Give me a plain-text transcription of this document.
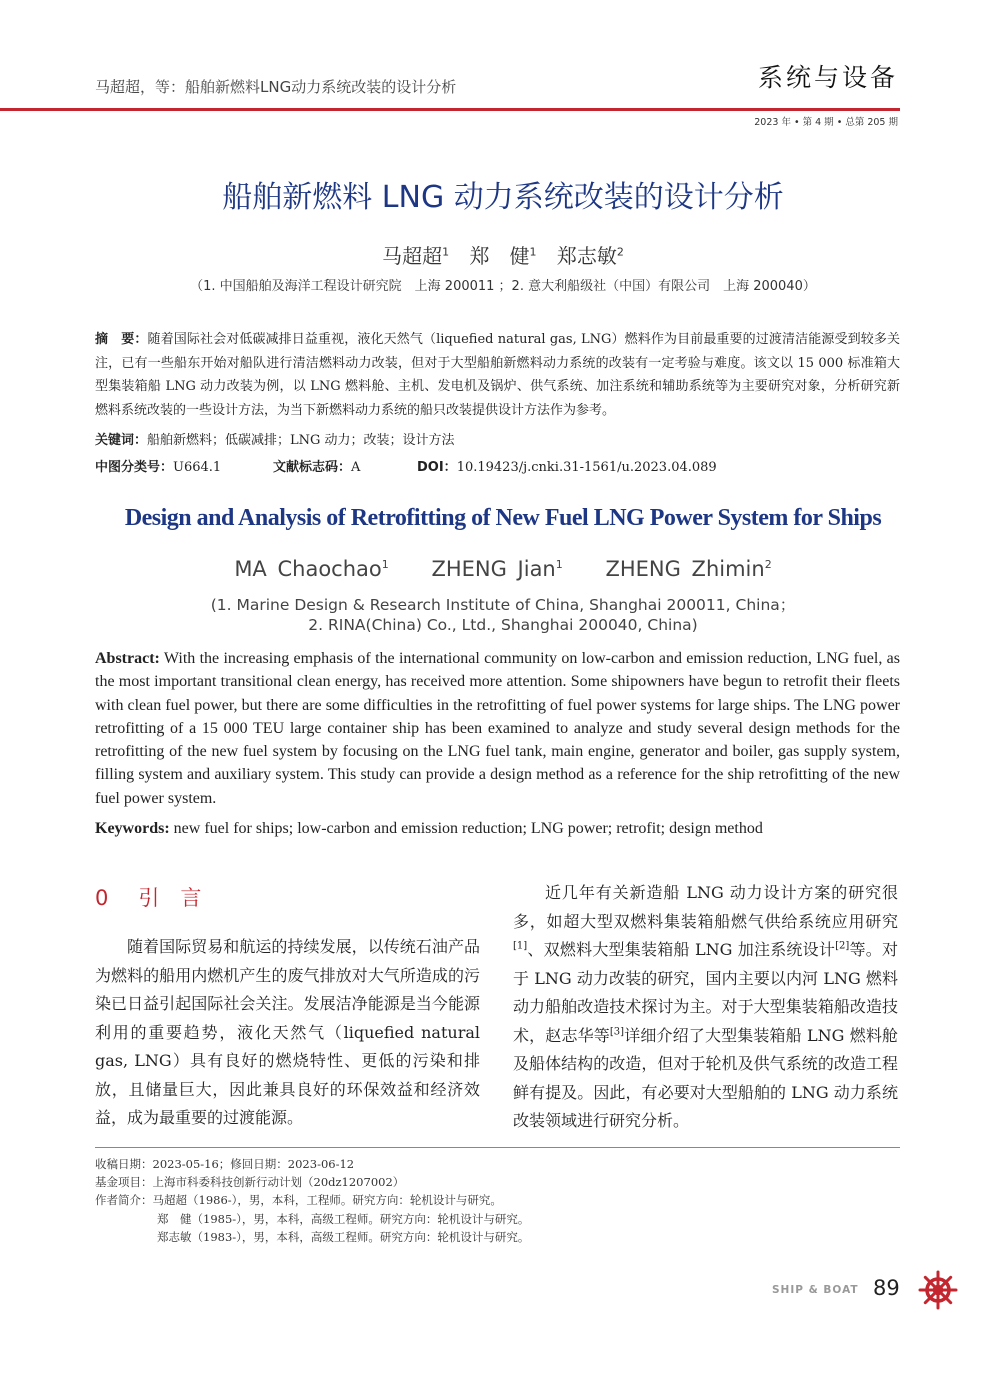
马超超，等：船舶新燃料LNG动力系统改装的设计分析	系统与设备
2023 年 • 第 4 期 • 总第 205 期
船舶新燃料 LNG 动力系统改装的设计分析
马超超$^1$ 郑　健$^1$ 郑志敏$^2$
（1. 中国船舶及海洋工程设计研究院　上海 200011 ；2. 意大利船级社（中国）有限公司　上海 200040）
摘　要：随着国际社会对低碳减排日益重视，液化天然气（liquefied natural gas, LNG）燃料作为目前最重要的过渡清洁能源受到较多关注，已有一些船东开始对船队进行清洁燃料动力改装，但对于大型船舶新燃料动力系统的改装有一定考验与难度。该文以 15 000 标准箱大型集装箱船 LNG 动力改装为例，以 LNG 燃料舱、主机、发电机及锅炉、供气系统、加注系统和辅助系统等为主要研究对象，分析研究新燃料系统改装的一些设计方法，为当下新燃料动力系统的船只改装提供设计方法作为参考。
关键词：船舶新燃料；低碳减排；LNG 动力；改装；设计方法
中图分类号：U664.1	文献标志码：A	DOI：10.19423/j.cnki.31-1561/u.2023.04.089
Design and Analysis of Retrofitting of New Fuel LNG Power System for Ships
MA Chaochao$^1$ ZHENG Jian$^1$ ZHENG Zhimin$^2$
(1. Marine Design & Research Institute of China, Shanghai 200011, China；
2. RINA(China) Co., Ltd., Shanghai 200040, China)
Abstract: With the increasing emphasis of the international community on low-carbon and emission reduction, LNG fuel, as the most important transitional clean energy, has received more attention. Some shipowners have begun to retrofit their fleets with clean fuel power, but there are some difficulties in the retrofitting of fuel power systems for large ships. The LNG power retrofitting of a 15 000 TEU large container ship has been examined to analyze and study several design methods for the retrofitting of the new fuel system by focusing on the LNG fuel tank, main engine, generator and boiler, gas supply system, filling system and auxiliary system. This study can provide a design method as a reference for the ship retrofitting of the new fuel power system.
Keywords: new fuel for ships; low-carbon and emission reduction; LNG power; retrofit; design method
0 引　言
随着国际贸易和航运的持续发展，以传统石油产品为燃料的船用内燃机产生的废气排放对大气所造成的污染已日益引起国际社会关注。发展洁净能源是当今能源利用的重要趋势，液化天然气（liquefied natural gas, LNG）具有良好的燃烧特性、更低的污染和排放，且储量巨大，因此兼具良好的环保效益和经济效益，成为最重要的过渡能源。
近几年有关新造船 LNG 动力设计方案的研究很多，如超大型双燃料集装箱船燃气供给系统应用研究[1]、双燃料大型集装箱船 LNG 加注系统设计[2]等。对于 LNG 动力改装的研究，国内主要以内河 LNG 燃料动力船舶改造技术探讨为主。对于大型集装箱船改造技术，赵志华等[3]详细介绍了大型集装箱船 LNG 燃料舱及船体结构的改造，但对于轮机及供气系统的改造工程鲜有提及。因此，有必要对大型船舶的 LNG 动力系统改装领域进行研究分析。
收稿日期：2023-05-16；修回日期：2023-06-12
基金项目：上海市科委科技创新行动计划（20dz1207002）
作者简介：马超超（1986-），男，本科，工程师。研究方向：轮机设计与研究。
郑　健（1985-），男，本科，高级工程师。研究方向：轮机设计与研究。
郑志敏（1983-），男，本科，高级工程师。研究方向：轮机设计与研究。
SHIP & BOAT 89
